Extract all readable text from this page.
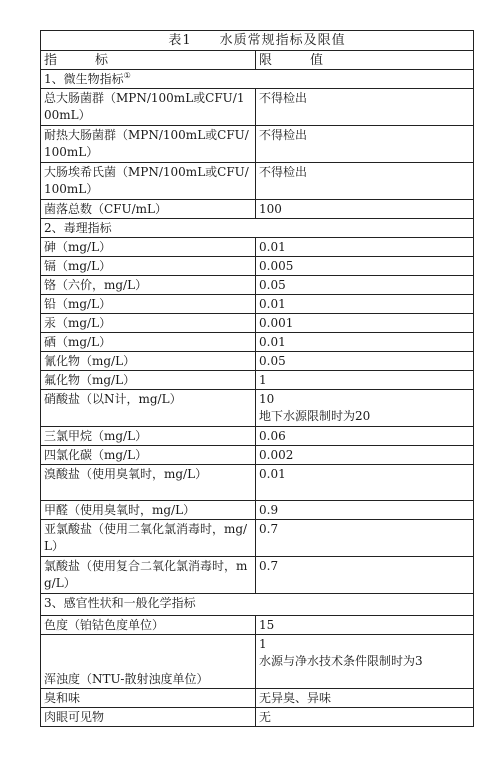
表1　　水质常规指标及限值	
指　　标	限　　值
1、微生物指标①
总大肠菌群（MPN/100mL或CFU/100mL）	不得检出
耐热大肠菌群（MPN/100mL或CFU/100mL）	不得检出
大肠埃希氏菌（MPN/100mL或CFU/100mL）	不得检出
菌落总数（CFU/mL）	100
2、毒理指标	
砷（mg/L）	0.01
镉（mg/L）	0.005
铬（六价，mg/L）	0.05
铅（mg/L）	0.01
汞（mg/L）	0.001
硒（mg/L）	0.01
氰化物（mg/L）	0.05
氟化物（mg/L）	1
硝酸盐（以N计，mg/L）	10
地下水源限制时为20

三氯甲烷（mg/L）	0.06
四氯化碳（mg/L）	0.002
溴酸盐（使用臭氧时，mg/L）	0.01
甲醛（使用臭氧时，mg/L）	0.9
亚氯酸盐（使用二氧化氯消毒时，mg/L）	0.7
氯酸盐（使用复合二氧化氯消毒时，mg/L）	0.7
3、感官性状和一般化学指标	
色度（铂钴色度单位）	15
浑浊度（NTU-散射浊度单位）	1
水源与净水技术条件限制时为3

臭和味	无异臭、异味
肉眼可见物	无
